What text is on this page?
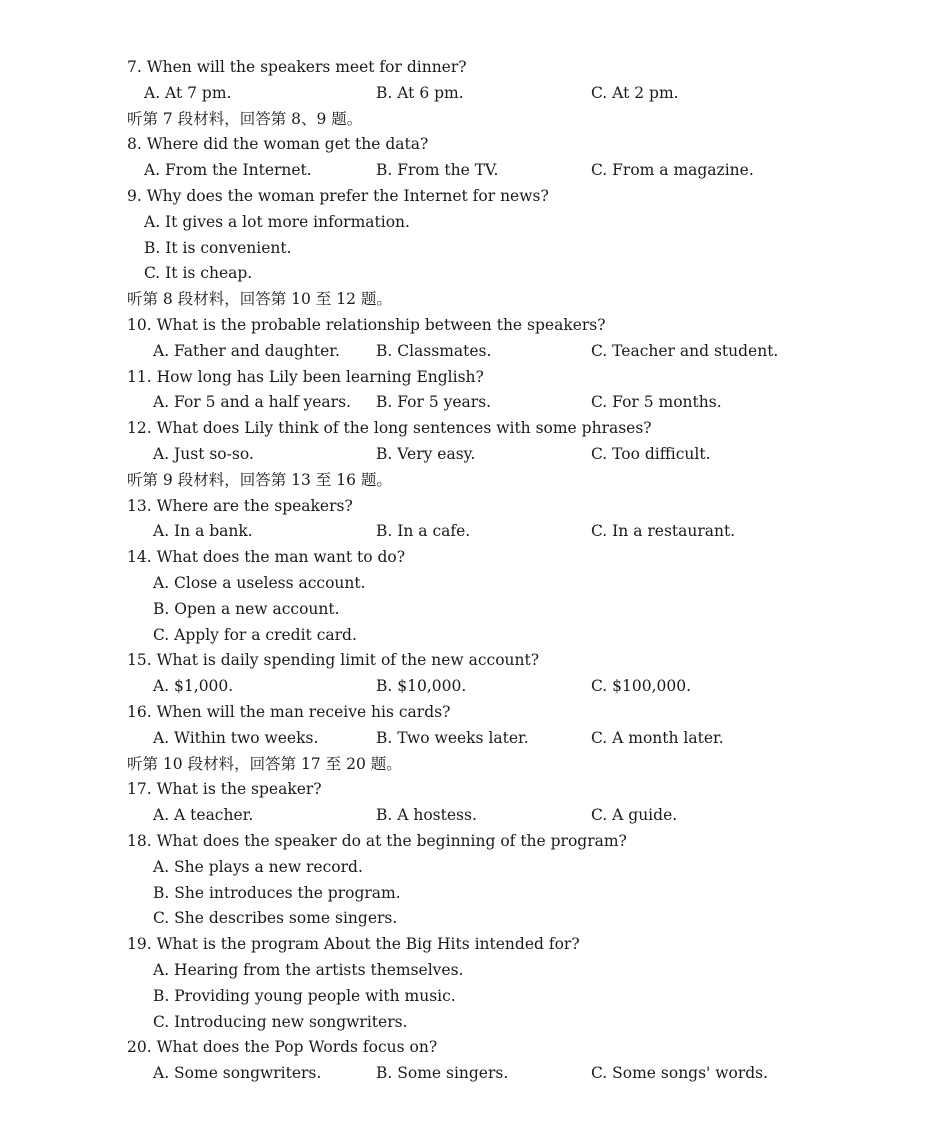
7. When will the speakers meet for dinner?
A. At 7 pm.	B. At 6 pm.	C. At 2 pm.
听第 7 段材料，回答第 8、9 题。
8. Where did the woman get the data?
A. From the Internet.	B. From the TV.	C. From a magazine.
9. Why does the woman prefer the Internet for news?
A. It gives a lot more information.
B. It is convenient.
C. It is cheap.
听第 8 段材料，回答第 10 至 12 题。
10. What is the probable relationship between the speakers?
A. Father and daughter. B. Classmates.	C. Teacher and student.
11. How long has Lily been learning English?
A. For 5 and a half years. B. For 5 years.	C. For 5 months.
12. What does Lily think of the long sentences with some phrases?
A. Just so-so.	B. Very easy.	C. Too difficult.
听第 9 段材料，回答第 13 至 16 题。
13. Where are the speakers?
A. In a bank.	B. In a cafe.	C. In a restaurant.
14. What does the man want to do?
A. Close a useless account.
B. Open a new account.
C. Apply for a credit card.
15. What is daily spending limit of the new account?
A. $1,000.	B. $10,000.	C. $100,000.
16. When will the man receive his cards?
A. Within two weeks.	B. Two weeks later.	C. A month later.
听第 10 段材料，回答第 17 至 20 题。
17. What is the speaker?
A. A teacher.	B. A hostess.	C. A guide.
18. What does the speaker do at the beginning of the program?
A. She plays a new record.
B. She introduces the program.
C. She describes some singers.
19. What is the program About the Big Hits intended for?
A. Hearing from the artists themselves.
B. Providing young people with music.
C. Introducing new songwriters.
20. What does the Pop Words focus on?
A. Some songwriters.	B. Some singers.	C. Some songs' words.
